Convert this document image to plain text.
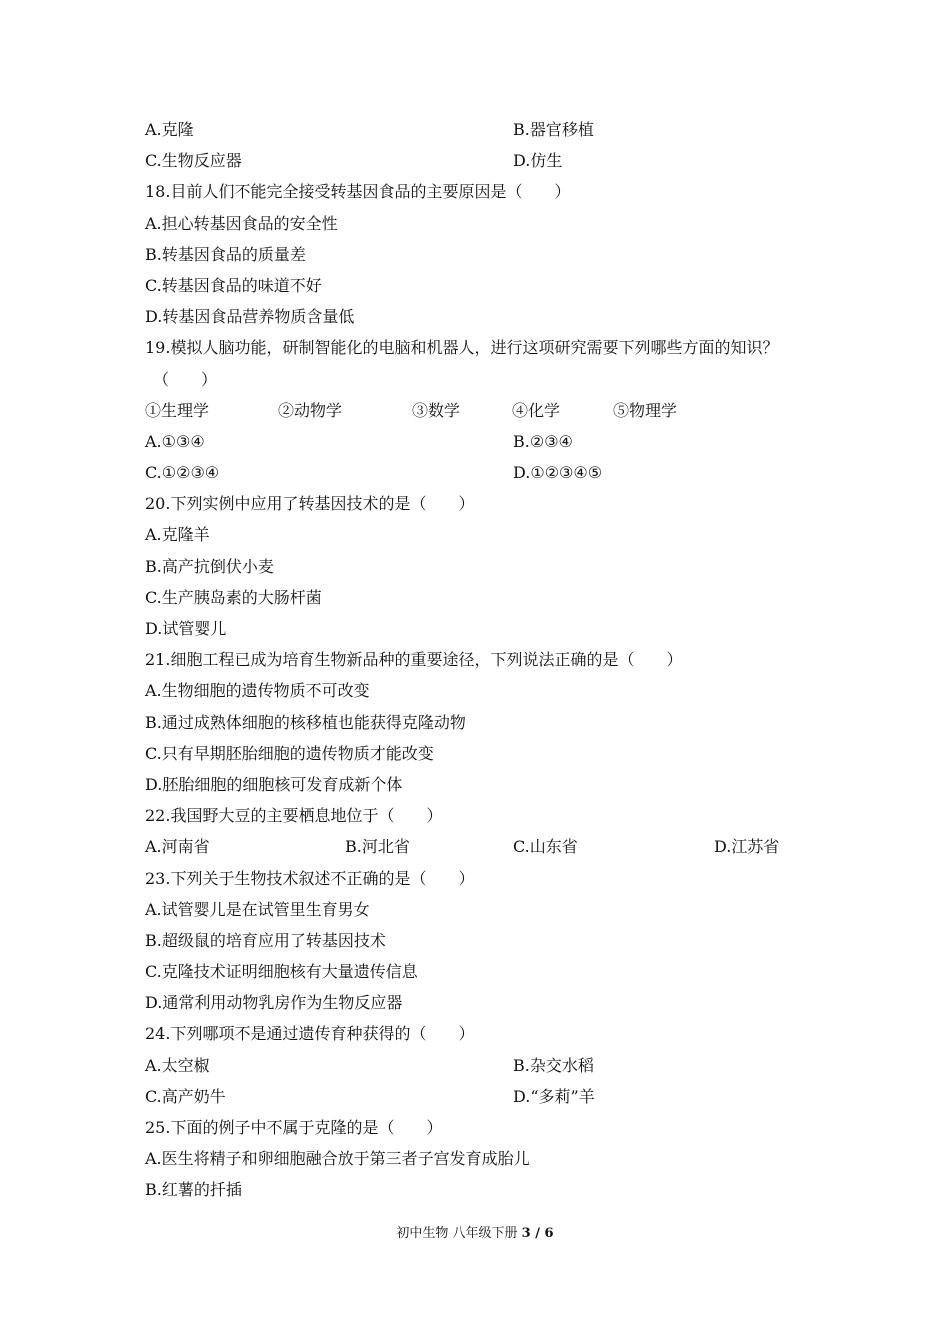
A.克隆	B.器官移植
C.生物反应器	D.仿生
18.目前人们不能完全接受转基因食品的主要原因是（　　）
A.担心转基因食品的安全性
B.转基因食品的质量差
C.转基因食品的味道不好
D.转基因食品营养物质含量低
19.模拟人脑功能，研制智能化的电脑和机器人，进行这项研究需要下列哪些方面的知识？
（　　）
①生理学	②动物学	③数学	④化学	⑤物理学
A.①③④	B.②③④
C.①②③④	D.①②③④⑤
20.下列实例中应用了转基因技术的是（　　）
A.克隆羊
B.高产抗倒伏小麦
C.生产胰岛素的大肠杆菌
D.试管婴儿
21.细胞工程已成为培育生物新品种的重要途径，下列说法正确的是（　　）
A.生物细胞的遗传物质不可改变
B.通过成熟体细胞的核移植也能获得克隆动物
C.只有早期胚胎细胞的遗传物质才能改变
D.胚胎细胞的细胞核可发育成新个体
22.我国野大豆的主要栖息地位于（　　）
A.河南省	B.河北省	C.山东省	D.江苏省
23.下列关于生物技术叙述不正确的是（　　）
A.试管婴儿是在试管里生育男女
B.超级鼠的培育应用了转基因技术
C.克隆技术证明细胞核有大量遗传信息
D.通常利用动物乳房作为生物反应器
24.下列哪项不是通过遗传育种获得的（　　）
A.太空椒	B.杂交水稻
C.高产奶牛	D.“多莉”羊
25.下面的例子中不属于克隆的是（　　）
A.医生将精子和卵细胞融合放于第三者子宫发育成胎儿
B.红薯的扦插
初中生物 八年级下册 3 / 6
